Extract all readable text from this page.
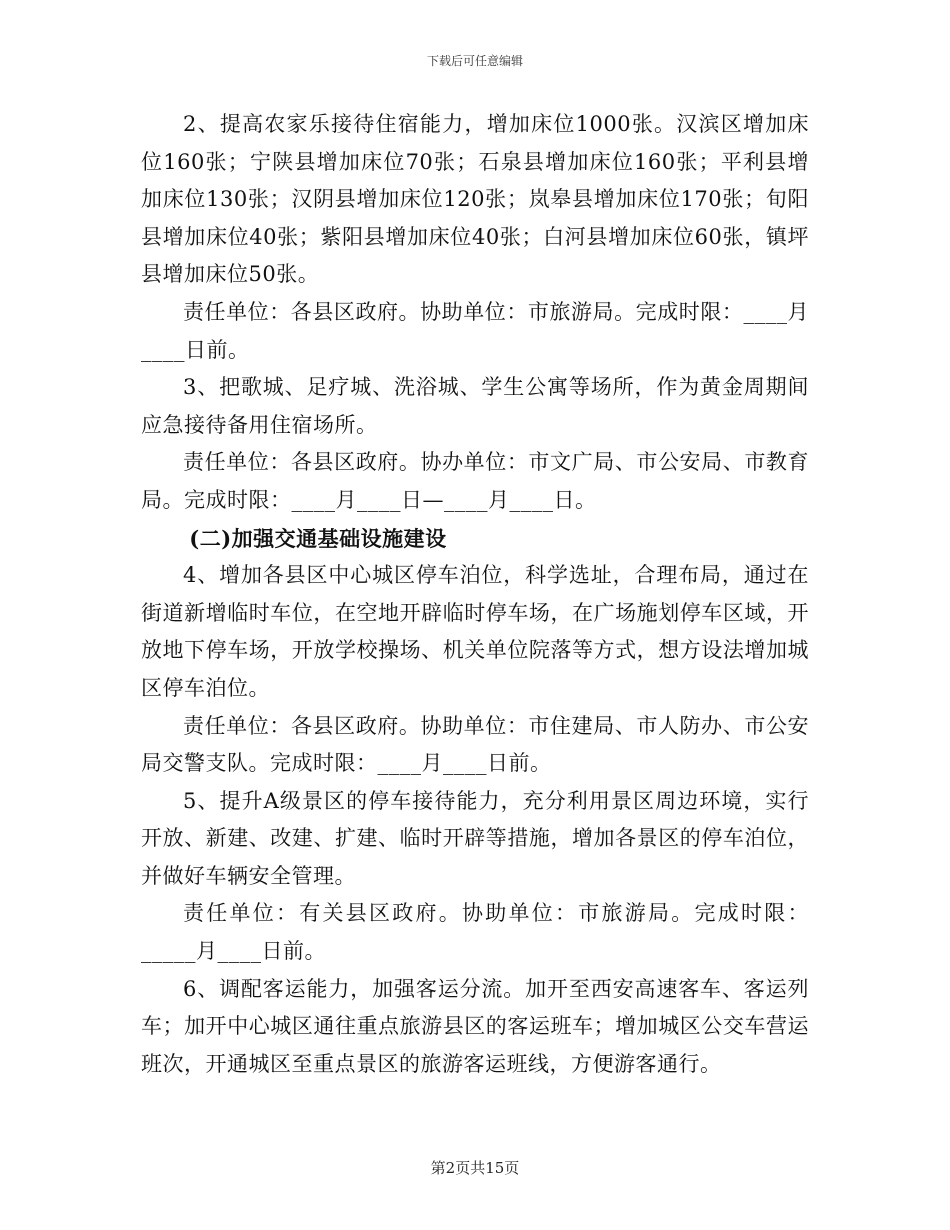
下载后可任意编辑

2、提高农家乐接待住宿能力，增加床位1000张。汉滨区增加床位160张；宁陕县增加床位70张；石泉县增加床位160张；平利县增加床位130张；汉阴县增加床位120张；岚皋县增加床位170张；旬阳县增加床位40张；紫阳县增加床位40张；白河县增加床位60张，镇坪县增加床位50张。

责任单位：各县区政府。协助单位：市旅游局。完成时限：____月____日前。

3、把歌城、足疗城、洗浴城、学生公寓等场所，作为黄金周期间应急接待备用住宿场所。

责任单位：各县区政府。协办单位：市文广局、市公安局、市教育局。完成时限：____月____日—____月____日。

(二)加强交通基础设施建设

4、增加各县区中心城区停车泊位，科学选址，合理布局，通过在街道新增临时车位，在空地开辟临时停车场，在广场施划停车区域，开放地下停车场，开放学校操场、机关单位院落等方式，想方设法增加城区停车泊位。

责任单位：各县区政府。协助单位：市住建局、市人防办、市公安局交警支队。完成时限：____月____日前。

5、提升A级景区的停车接待能力，充分利用景区周边环境，实行开放、新建、改建、扩建、临时开辟等措施，增加各景区的停车泊位，并做好车辆安全管理。

责任单位：有关县区政府。协助单位：市旅游局。完成时限：_____月____日前。

6、调配客运能力，加强客运分流。加开至西安高速客车、客运列车；加开中心城区通往重点旅游县区的客运班车；增加城区公交车营运班次，开通城区至重点景区的旅游客运班线，方便游客通行。

第2页共15页
